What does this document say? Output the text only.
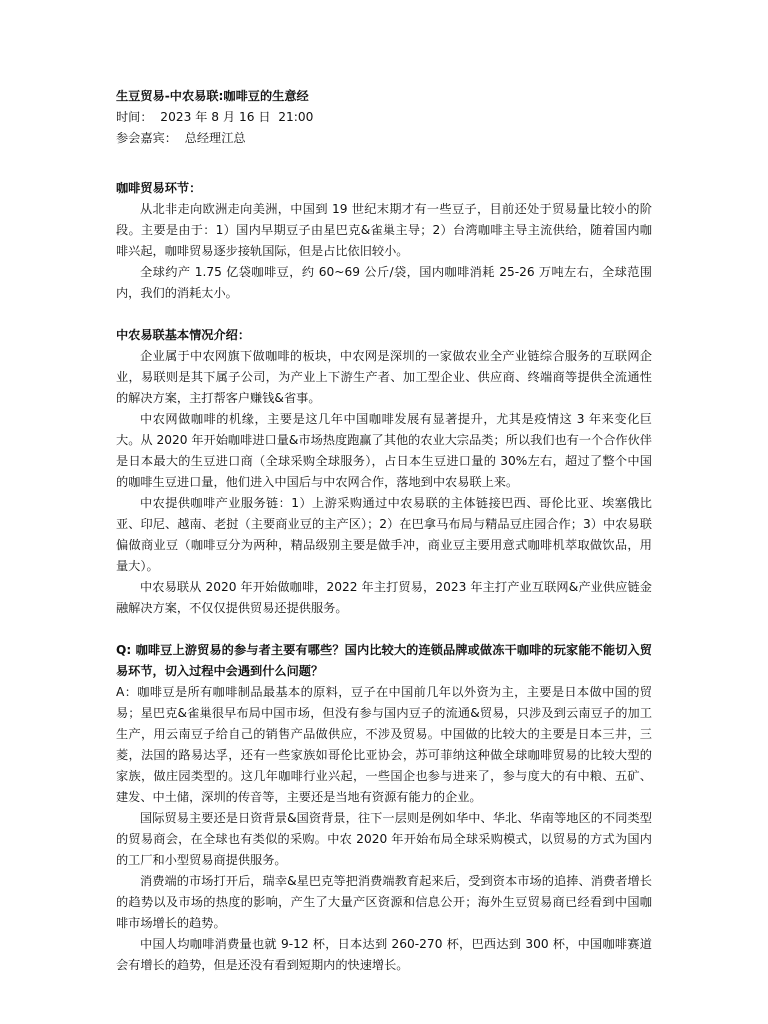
生豆贸易-中农易联:咖啡豆的生意经

时间：  2023 年 8 月 16 日  21:00

参会嘉宾：  总经理江总

咖啡贸易环节：

从北非走向欧洲走向美洲，中国到 19 世纪末期才有一些豆子，目前还处于贸易量比较小的阶段。主要是由于：1）国内早期豆子由星巴克&雀巢主导；2）台湾咖啡主导主流供给，随着国内咖啡兴起，咖啡贸易逐步接轨国际，但是占比依旧较小。

全球约产 1.75 亿袋咖啡豆，约 60~69 公斤/袋，国内咖啡消耗 25-26 万吨左右，全球范围内，我们的消耗太小。

中农易联基本情况介绍：

企业属于中农网旗下做咖啡的板块，中农网是深圳的一家做农业全产业链综合服务的互联网企业，易联则是其下属子公司，为产业上下游生产者、加工型企业、供应商、终端商等提供全流通性的解决方案，主打帮客户赚钱&省事。

中农网做咖啡的机缘，主要是这几年中国咖啡发展有显著提升，尤其是疫情这 3 年来变化巨大。从 2020 年开始咖啡进口量&市场热度跑赢了其他的农业大宗品类；所以我们也有一个合作伙伴是日本最大的生豆进口商（全球采购全球服务），占日本生豆进口量的 30%左右，超过了整个中国的咖啡生豆进口量，他们进入中国后与中农网合作，落地到中农易联上来。

中农提供咖啡产业服务链：1）上游采购通过中农易联的主体链接巴西、哥伦比亚、埃塞俄比亚、印尼、越南、老挝（主要商业豆的主产区）；2）在巴拿马布局与精品豆庄园合作；3）中农易联偏做商业豆（咖啡豆分为两种，精品级别主要是做手冲，商业豆主要用意式咖啡机萃取做饮品，用量大）。

中农易联从 2020 年开始做咖啡，2022 年主打贸易，2023 年主打产业互联网&产业供应链金融解决方案，不仅仅提供贸易还提供服务。

Q: 咖啡豆上游贸易的参与者主要有哪些？国内比较大的连锁品牌或做冻干咖啡的玩家能不能切入贸易环节，切入过程中会遇到什么问题？

A：咖啡豆是所有咖啡制品最基本的原料，豆子在中国前几年以外资为主，主要是日本做中国的贸易；星巴克&雀巢很早布局中国市场，但没有参与国内豆子的流通&贸易，只涉及到云南豆子的加工生产，用云南豆子给自己的销售产品做供应，不涉及贸易。中国做的比较大的主要是日本三井，三菱，法国的路易达孚，还有一些家族如哥伦比亚协会，苏可菲纳这种做全球咖啡贸易的比较大型的家族，做庄园类型的。这几年咖啡行业兴起，一些国企也参与进来了，参与度大的有中粮、五矿、建发、中土储，深圳的传音等，主要还是当地有资源有能力的企业。

国际贸易主要还是日资背景&国资背景，往下一层则是例如华中、华北、华南等地区的不同类型的贸易商会，在全球也有类似的采购。中农 2020 年开始布局全球采购模式，以贸易的方式为国内的工厂和小型贸易商提供服务。

消费端的市场打开后，瑞幸&星巴克等把消费端教育起来后，受到资本市场的追捧、消费者增长的趋势以及市场的热度的影响，产生了大量产区资源和信息公开；海外生豆贸易商已经看到中国咖啡市场增长的趋势。

中国人均咖啡消费量也就 9-12 杯，日本达到 260-270 杯，巴西达到 300 杯，中国咖啡赛道会有增长的趋势，但是还没有看到短期内的快速增长。
